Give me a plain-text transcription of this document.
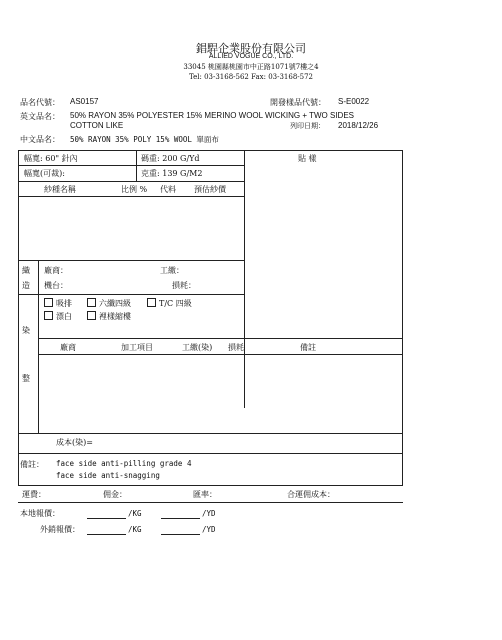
錩駻企業股份有限公司
ALLIED VOGUE CO., LTD.
33045 桃園縣桃園市中正路1071號7樓之4
Tel: 03-3168-562 Fax: 03-3168-572
品名代號： AS0157	開發樣品代號： S-E0022
英文品名： 50% RAYON 35% POLYESTER 15% MERINO WOOL WICKING + TWO SIDES
COTTON LIKE	列印日期： 2018/12/26
中文品名： 50% RAYON 35% POLY 15% WOOL 單面布
幅寬: 60" 針內	碼重: 200 G/Yd	貼 樣
幅寬(可裁):	克重: 139 G/M2
紗種名稱	比例 % 代料 預估紗價
織
造
廠商：	工繳：
機台：	損耗：
染
整
吸排	六纖四級	T/C 四級
漂白	裡樣縮樓
廠商	加工項目	工繳(染) 損耗	備註
成本(染)=
備註： face side anti-pilling grade 4
face side anti-snagging
運費：	佣金：	匯率：	合運佣成本：
本地報價：	/KG	/YD
外銷報價：	/KG	/YD
